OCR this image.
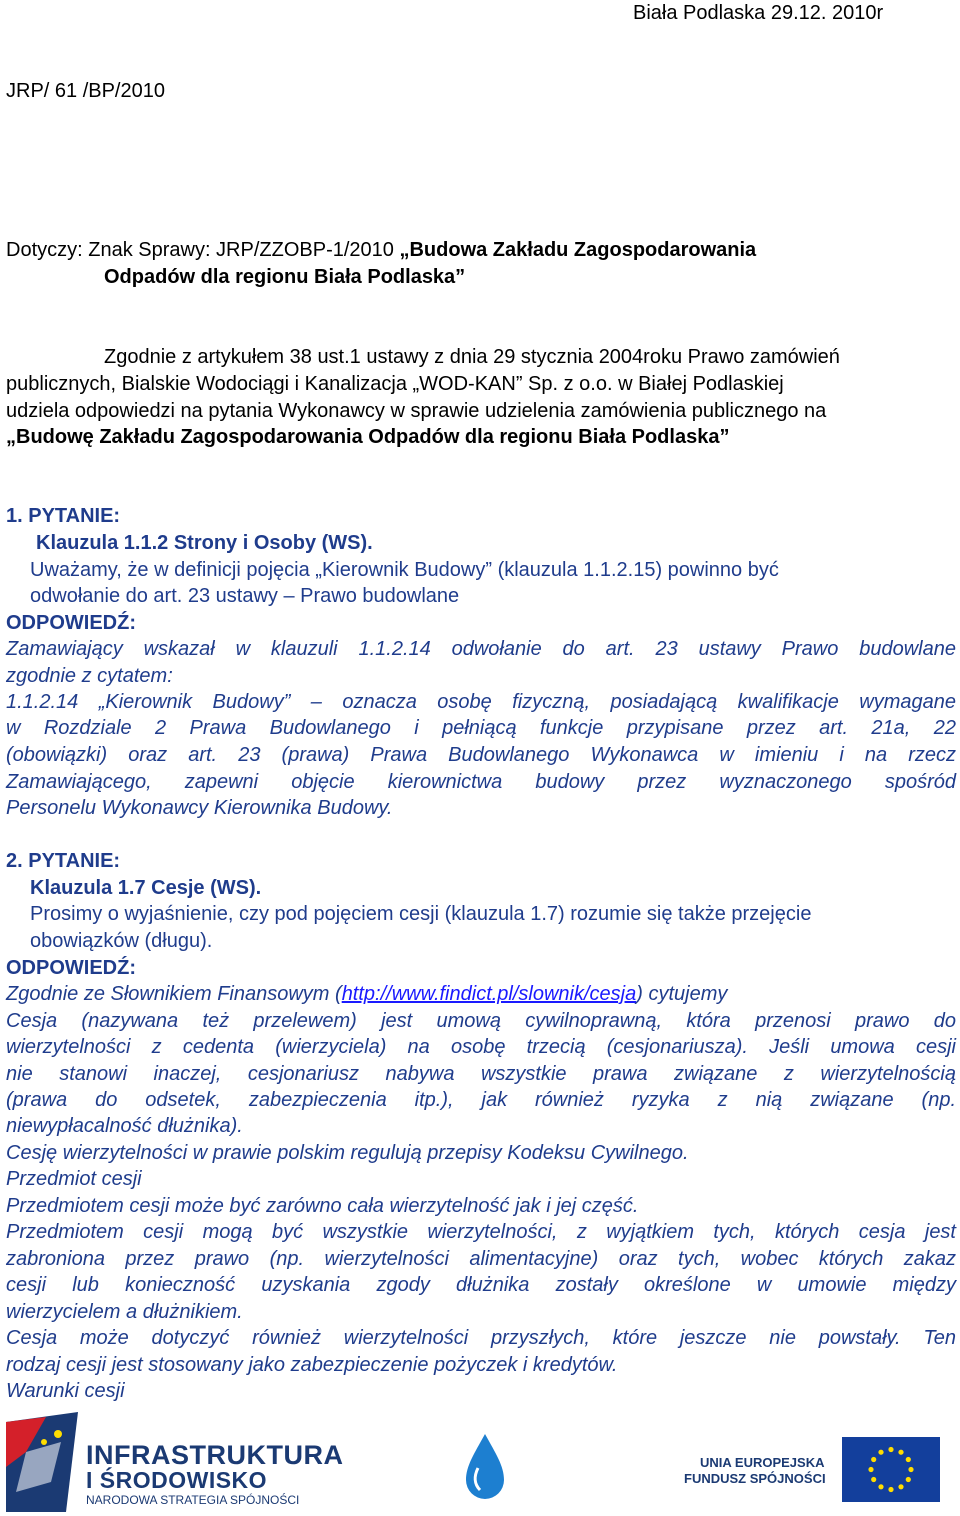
Biała Podlaska 29.12. 2010r
JRP/ 61 /BP/2010
Dotyczy: Znak Sprawy: JRP/ZZOBP-1/2010 „Budowa Zakładu Zagospodarowania
Odpadów dla regionu Biała Podlaska”
Zgodnie z artykułem 38 ust.1 ustawy z dnia 29 stycznia 2004roku Prawo zamówień
publicznych, Bialskie Wodociągi i Kanalizacja „WOD-KAN” Sp. z o.o. w Białej Podlaskiej
udziela odpowiedzi na pytania Wykonawcy w sprawie udzielenia zamówienia publicznego na
„Budowę Zakładu Zagospodarowania Odpadów dla regionu Biała Podlaska”
1. PYTANIE:
Klauzula 1.1.2 Strony i Osoby (WS).
Uważamy, że w definicji pojęcia „Kierownik Budowy” (klauzula 1.1.2.15) powinno być
odwołanie do art. 23 ustawy – Prawo budowlane
ODPOWIEDŹ:
Zamawiający wskazał w klauzuli 1.1.2.14 odwołanie do art. 23 ustawy Prawo budowlane
zgodnie z cytatem:
1.1.2.14 „Kierownik Budowy” – oznacza osobę fizyczną, posiadającą kwalifikacje wymagane
w Rozdziale 2 Prawa Budowlanego i pełniącą funkcje przypisane przez art. 21a, 22
(obowiązki) oraz art. 23 (prawa) Prawa Budowlanego Wykonawca w imieniu i na rzecz
Zamawiającego, zapewni objęcie kierownictwa budowy przez wyznaczonego spośród
Personelu Wykonawcy Kierownika Budowy.
2. PYTANIE:
Klauzula 1.7 Cesje (WS).
Prosimy o wyjaśnienie, czy pod pojęciem cesji (klauzula 1.7) rozumie się także przejęcie
obowiązków (długu).
ODPOWIEDŹ:
Zgodnie ze Słownikiem Finansowym (http://www.findict.pl/slownik/cesja) cytujemy
Cesja (nazywana też przelewem) jest umową cywilnoprawną, która przenosi prawo do
wierzytelności z cedenta (wierzyciela) na osobę trzecią (cesjonariusza). Jeśli umowa cesji
nie stanowi inaczej, cesjonariusz nabywa wszystkie prawa związane z wierzytelnością
(prawa do odsetek, zabezpieczenia itp.), jak również ryzyka z nią związane (np.
niewypłacalność dłużnika).
Cesję wierzytelności w prawie polskim regulują przepisy Kodeksu Cywilnego.
Przedmiot cesji
Przedmiotem cesji może być zarówno cała wierzytelność jak i jej część.
Przedmiotem cesji mogą być wszystkie wierzytelności, z wyjątkiem tych, których cesja jest
zabroniona przez prawo (np. wierzytelności alimentacyjne) oraz tych, wobec których zakaz
cesji lub konieczność uzyskania zgody dłużnika zostały określone w umowie między
wierzycielem a dłużnikiem.
Cesja może dotyczyć również wierzytelności przyszłych, które jeszcze nie powstały. Ten
rodzaj cesji jest stosowany jako zabezpieczenie pożyczek i kredytów.
Warunki cesji
INFRASTRUKTURA
I ŚRODOWISKO
NARODOWA STRATEGIA SPÓJNOŚCI
UNIA EUROPEJSKA
FUNDUSZ SPÓJNOŚCI
